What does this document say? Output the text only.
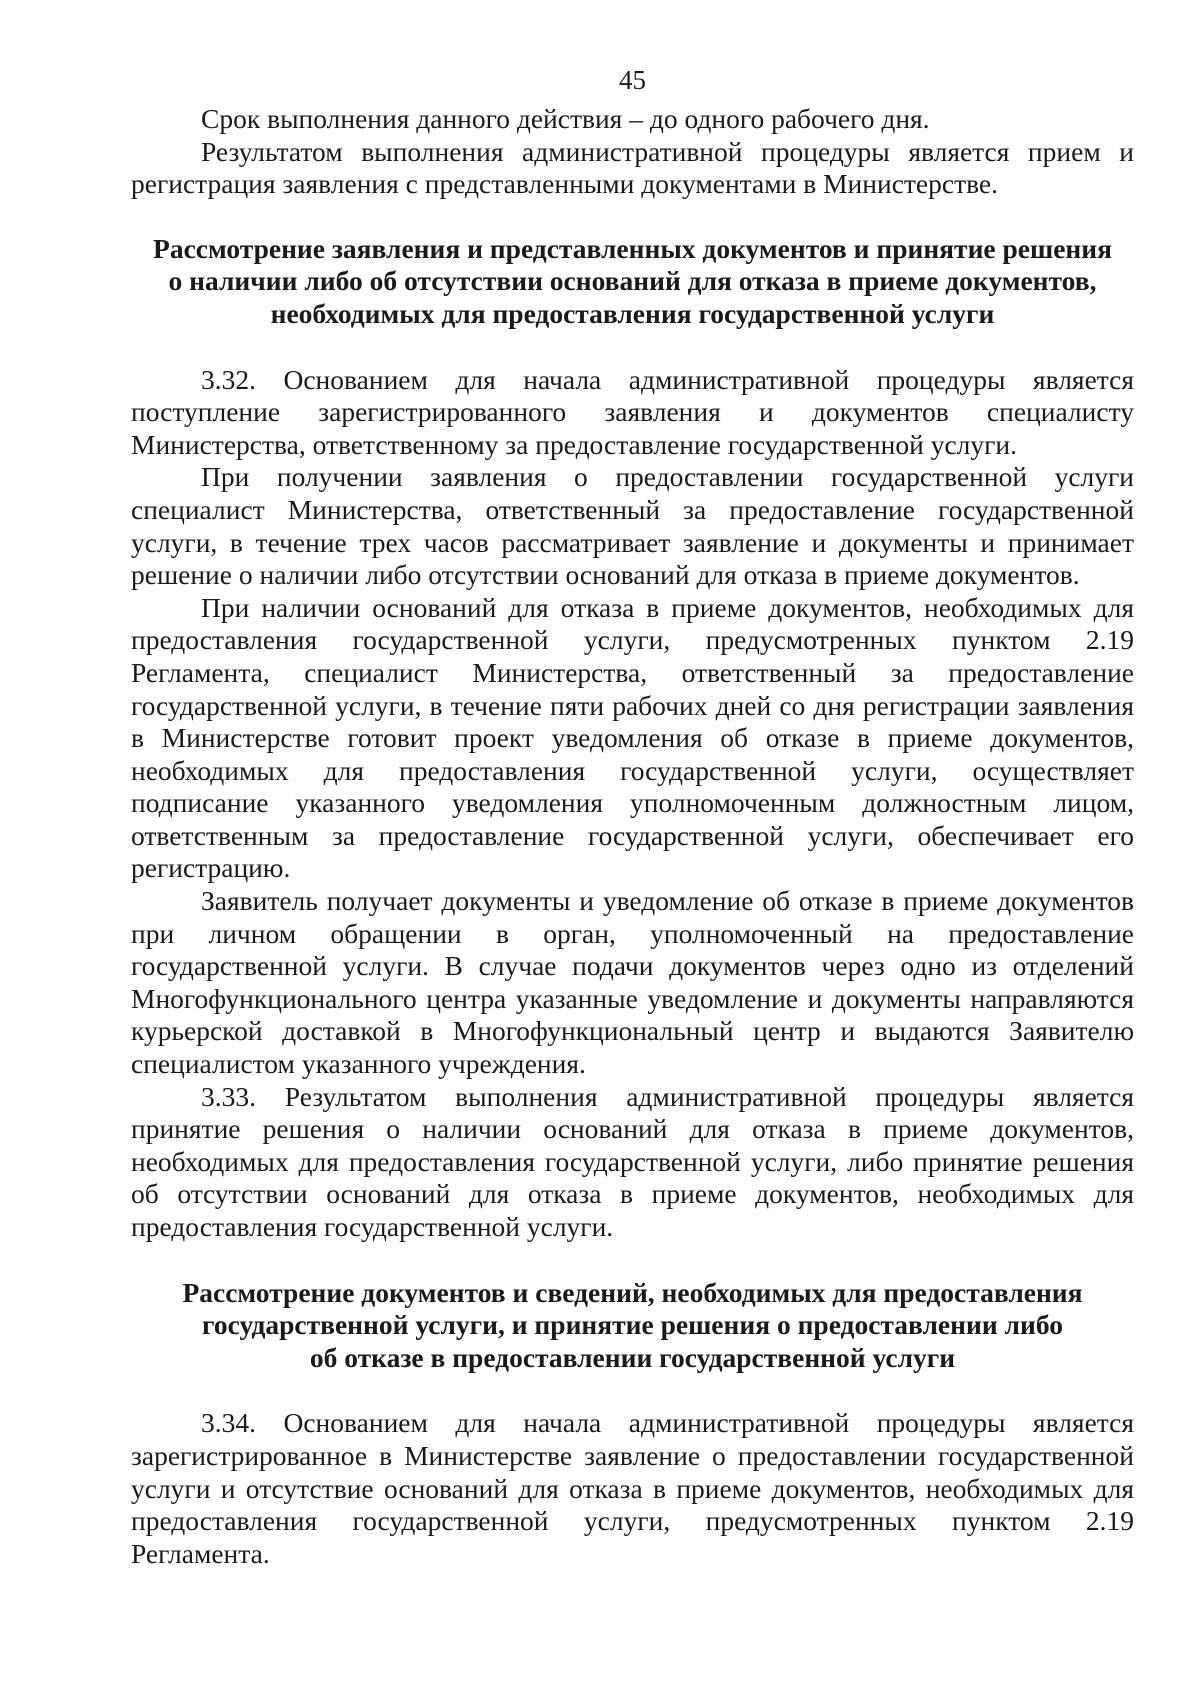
45

Срок выполнения данного действия – до одного рабочего дня.

Результатом выполнения административной процедуры является прием и регистрация заявления с представленными документами в Министерстве.

Рассмотрение заявления и представленных документов и принятие решения
о наличии либо об отсутствии оснований для отказа в приеме документов,
необходимых для предоставления государственной услуги

3.32. Основанием для начала административной процедуры является поступление зарегистрированного заявления и документов специалисту Министерства, ответственному за предоставление государственной услуги.

При получении заявления о предоставлении государственной услуги специалист Министерства, ответственный за предоставление государственной услуги, в течение трех часов рассматривает заявление и документы и принимает решение о наличии либо отсутствии оснований для отказа в приеме документов.

При наличии оснований для отказа в приеме документов, необходимых для предоставления государственной услуги, предусмотренных пунктом 2.19 Регламента, специалист Министерства, ответственный за предоставление государственной услуги, в течение пяти рабочих дней со дня регистрации заявления в Министерстве готовит проект уведомления об отказе в приеме документов, необходимых для предоставления государственной услуги, осуществляет подписание указанного уведомления уполномоченным должностным лицом, ответственным за предоставление государственной услуги, обеспечивает его регистрацию.

Заявитель получает документы и уведомление об отказе в приеме документов при личном обращении в орган, уполномоченный на предоставление государственной услуги. В случае подачи документов через одно из отделений Многофункционального центра указанные уведомление и документы направляются курьерской доставкой в Многофункциональный центр и выдаются Заявителю специалистом указанного учреждения.

3.33. Результатом выполнения административной процедуры является принятие решения о наличии оснований для отказа в приеме документов, необходимых для предоставления государственной услуги, либо принятие решения об отсутствии оснований для отказа в приеме документов, необходимых для предоставления государственной услуги.

Рассмотрение документов и сведений, необходимых для предоставления
государственной услуги, и принятие решения о предоставлении либо
об отказе в предоставлении государственной услуги

3.34. Основанием для начала административной процедуры является зарегистрированное в Министерстве заявление о предоставлении государственной услуги и отсутствие оснований для отказа в приеме документов, необходимых для предоставления государственной услуги, предусмотренных пунктом 2.19 Регламента.
